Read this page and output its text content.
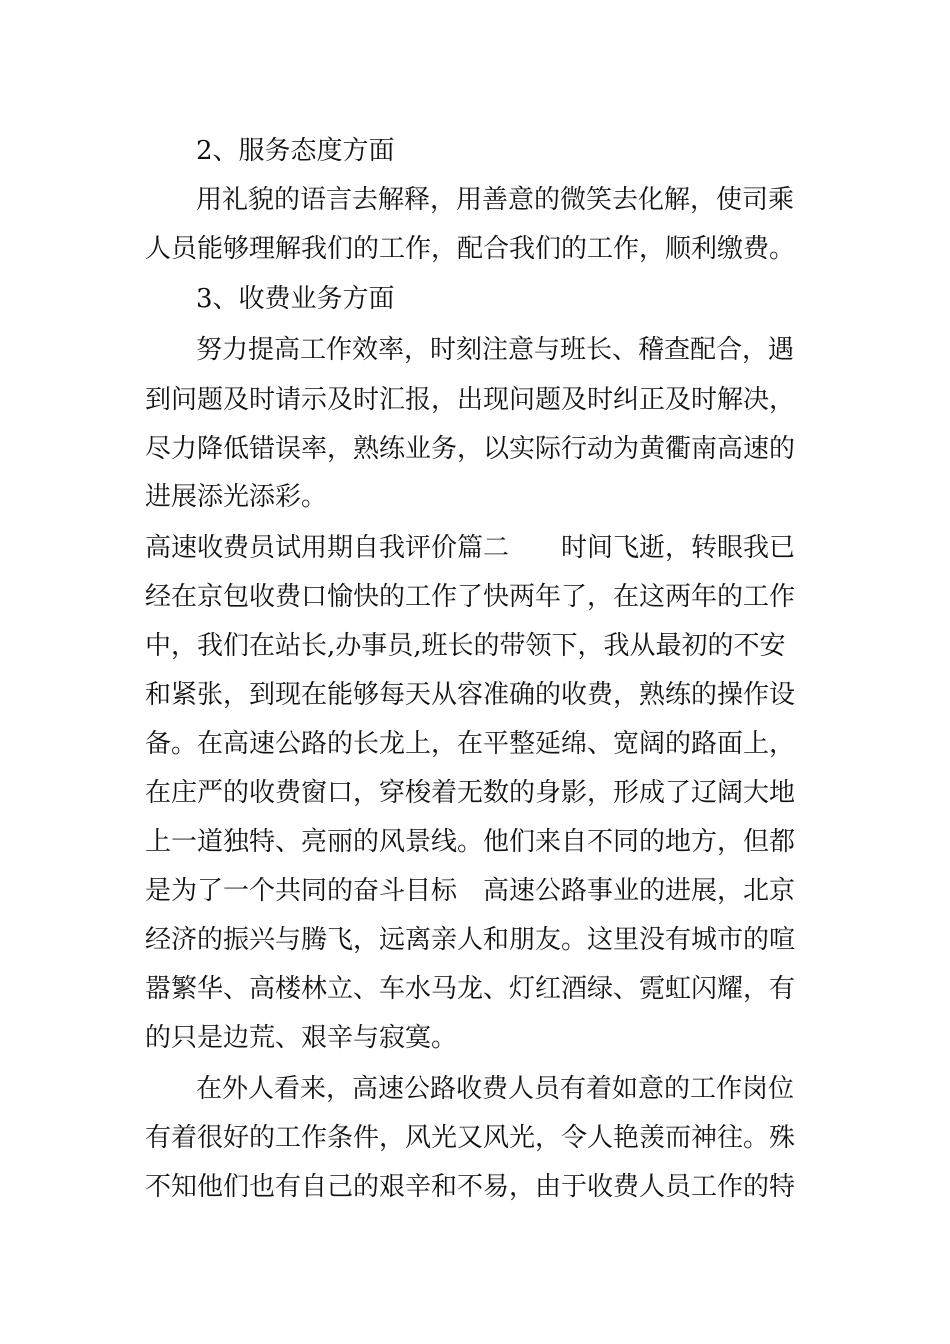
2、服务态度方面
用礼貌的语言去解释，用善意的微笑去化解，使司乘
人员能够理解我们的工作，配合我们的工作，顺利缴费。
3、收费业务方面
努力提高工作效率，时刻注意与班长、稽查配合，遇
到问题及时请示及时汇报，出现问题及时纠正及时解决，
尽力降低错误率，熟练业务，以实际行动为黄衢南高速的
进展添光添彩。
高速收费员试用期自我评价篇二　　时间飞逝，转眼我已
经在京包收费口愉快的工作了快两年了，在这两年的工作
中，我们在站长,办事员,班长的带领下，我从最初的不安
和紧张，到现在能够每天从容准确的收费，熟练的操作设
备。在高速公路的长龙上，在平整延绵、宽阔的路面上，
在庄严的收费窗口，穿梭着无数的身影，形成了辽阔大地
上一道独特、亮丽的风景线。他们来自不同的地方，但都
是为了一个共同的奋斗目标　高速公路事业的进展，北京
经济的振兴与腾飞，远离亲人和朋友。这里没有城市的喧
嚣繁华、高楼林立、车水马龙、灯红酒绿、霓虹闪耀，有
的只是边荒、艰辛与寂寞。
在外人看来，高速公路收费人员有着如意的工作岗位
有着很好的工作条件，风光又风光，令人艳羡而神往。殊
不知他们也有自己的艰辛和不易，由于收费人员工作的特
